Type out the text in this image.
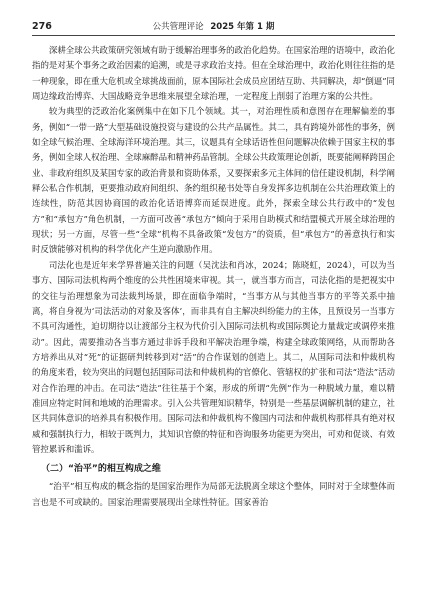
276	公共管理评论 2025 年第 1 期

深耕全球公共政策研究领域有助于缓解治理事务的政治化趋势。在国家治理的语境中，政治化指的是对某个事务之政治因素的追溯，或是寻求政治支持。但在全球治理中，政治化则往往指的是一种现象，即在重大危机或全球挑战面前，原本国际社会成员应团结互助、共同解决，却“倒逼”同周边缘政治博弈、大国战略竞争思维来展望全球治理，一定程度上削弱了治理方案的公共性。

较为典型的泛政治化案例集中在如下几个领域。其一，对治理性质和意图存在理解偏差的事务，例如“一带一路”大型基础设施投资与建设的公共产品属性。其二，具有跨境外部性的事务，例如全球气候治理、全球海洋环境治理。其三，议题具有全球话语性但问题解决依赖于国家主权的事务，例如全球人权治理、全球麻醉品和精神药品管制。全球公共政策理论创新，既要能阐释跨国企业、非政府组织及某国专家的政治背景和资助体系，又要探索多元主体间的信任建设机制，科学阐释公私合作机制，更要推动政府间组织、条约组织秘书处等自身发挥多边机制在公共治理政策上的连续性，防范其因协商国的政治化话语博弈而延误进度。此外，探索全球公共行政中的“发包方”和“承包方”角色机制，一方面可改善“承包方”倾向于采用自助模式和结盟模式开展全球治理的现状；另一方面，尽管一些“全球”机构不具备政策“发包方”的资质，但“承包方”的善意执行和实时反馈能够对机构的科学优化产生逆向激励作用。

司法化也是近年来学界普遍关注的问题（吴沈法和肖冰，2024；陈晓虹，2024），可以为当事方、国际司法机构两个维度的公共性困境来审视。其一，就当事方而言，司法化指的是把视实中的交往与治理想象为司法裁判场景，即在面临争端时，“当事方从与其他当事方的平等关系中抽离，将自身视为‘司法活动的对象及客体’，而非具有自主解决纠纷能力的主体，且预设另一当事方不具可沟通性，迫切期待以让渡部分主权为代价引入国际司法机构或国际舆论力量裁定或调停来推动”。因此，需要推动各当事方通过非诉手段和平解决治理争端，构建全球政策网络，从而帮助各方培养出从对“死”的证据研判转移到对“活”的合作谋划的创造上。其二，从国际司法和仲裁机构的角度来看，较为突出的问题包括国际司法和仲裁机构的官僚化、管辖权的扩张和司法“造法”活动对合作治理的冲击。在司法“造法”往往基于个案，形成的所谓“先例”作为一种脱域力量，难以精准回应特定时间和地域的治理需求。引入公共管理知识精华，特别是一些基层调解机制的建立，社区共同体意识的培养具有积极作用。国际司法和仲裁机构不像国内司法和仲裁机构那样具有绝对权威和强制执行力，相较于既判力，其知识官僚的特征和咨询服务功能更为突出，可劝和促谈、有效管控累诉和滥诉。

（二）“治平”的相互构成之维

“治平”相互构成的概念指的是国家治理作为局部无法脱离全球这个整体，同时对于全球整体而言也是不可或缺的。国家治理需要展现出全球性特征。国家善治
